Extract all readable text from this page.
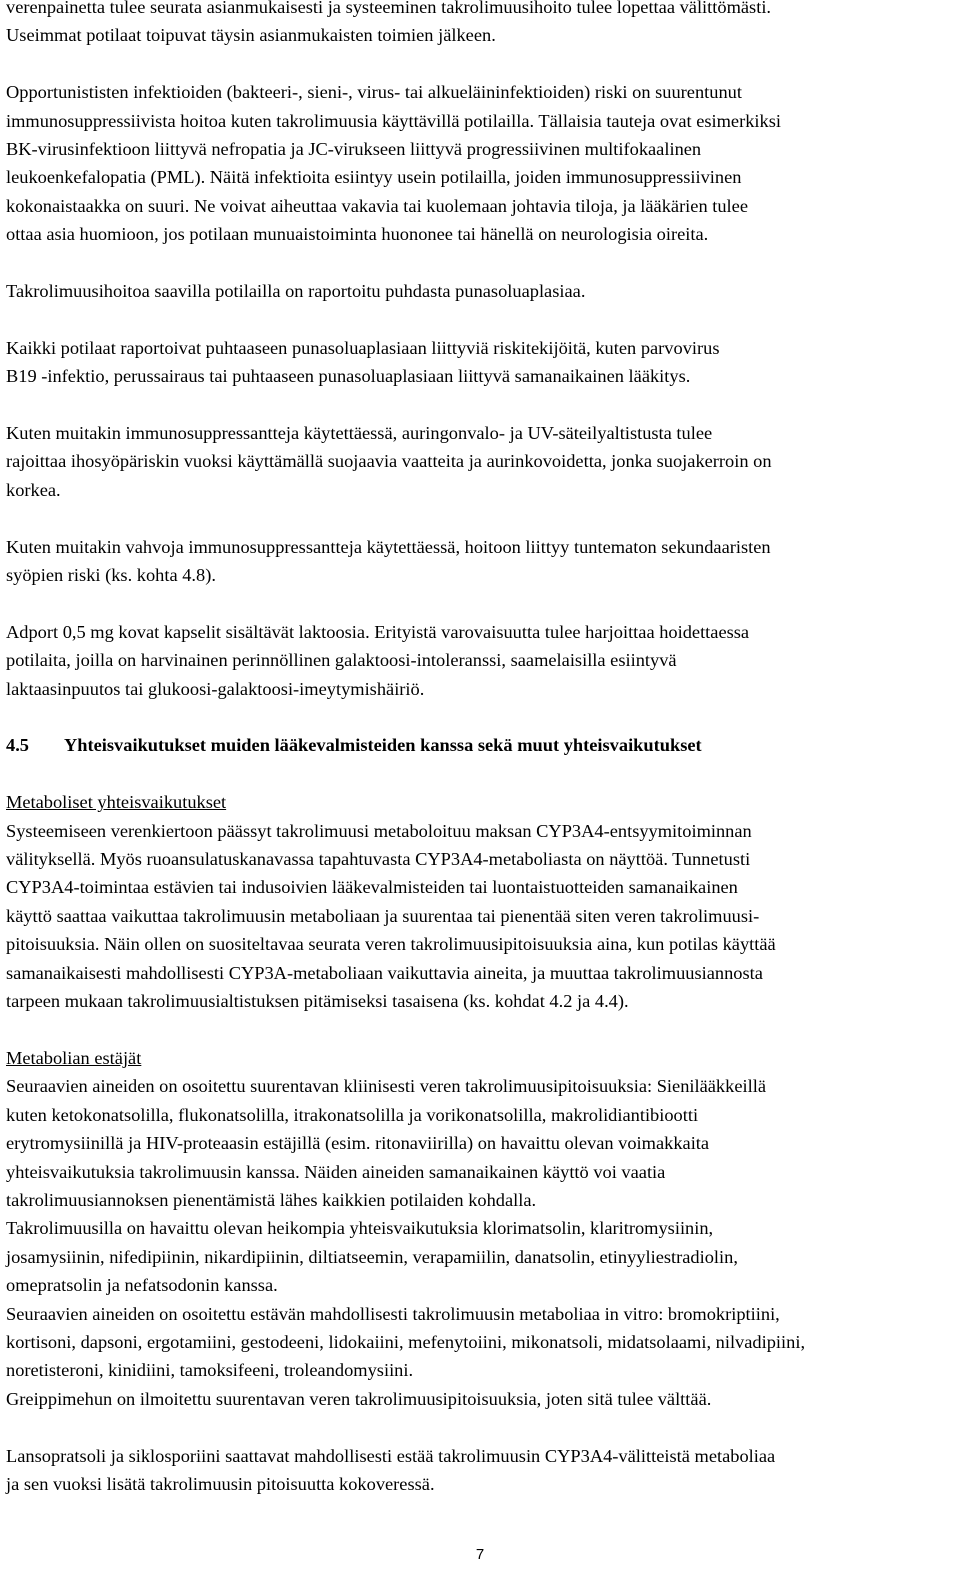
verenpainetta tulee seurata asianmukaisesti ja systeeminen takrolimuusihoito tulee lopettaa välittömästi.
Useimmat potilaat toipuvat täysin asianmukaisten toimien jälkeen.

Opportunististen infektioiden (bakteeri-, sieni-, virus- tai alkueläininfektioiden) riski on suurentunut
immunosuppressiivista hoitoa kuten takrolimuusia käyttävillä potilailla. Tällaisia tauteja ovat esimerkiksi
BK-virusinfektioon liittyvä nefropatia ja JC-virukseen liittyvä progressiivinen multifokaalinen
leukoenkefalopatia (PML). Näitä infektioita esiintyy usein potilailla, joiden immunosuppressiivinen
kokonaistaakka on suuri. Ne voivat aiheuttaa vakavia tai kuolemaan johtavia tiloja, ja lääkärien tulee
ottaa asia huomioon, jos potilaan munuaistoiminta huononee tai hänellä on neurologisia oireita.

Takrolimuusihoitoa saavilla potilailla on raportoitu puhdasta punasoluaplasiaa.

Kaikki potilaat raportoivat puhtaaseen punasoluaplasiaan liittyviä riskitekijöitä, kuten parvovirus
B19 -infektio, perussairaus tai puhtaaseen punasoluaplasiaan liittyvä samanaikainen lääkitys.

Kuten muitakin immunosuppressantteja käytettäessä, auringonvalo- ja UV-säteilyaltistusta tulee
rajoittaa ihosyöpäriskin vuoksi käyttämällä suojaavia vaatteita ja aurinkovoidetta, jonka suojakerroin on
korkea.

Kuten muitakin vahvoja immunosuppressantteja käytettäessä, hoitoon liittyy tuntematon sekundaaristen
syöpien riski (ks. kohta 4.8).

Adport 0,5 mg kovat kapselit sisältävät laktoosia. Erityistä varovaisuutta tulee harjoittaa hoidettaessa
potilaita, joilla on harvinainen perinnöllinen galaktoosi-intoleranssi, saamelaisilla esiintyvä
laktaasinpuutos tai glukoosi-galaktoosi-imeytymishäiriö.

4.5 Yhteisvaikutukset muiden lääkevalmisteiden kanssa sekä muut yhteisvaikutukset

Metaboliset yhteisvaikutukset

Systeemiseen verenkiertoon päässyt takrolimuusi metaboloituu maksan CYP3A4-entsyymitoiminnan
välityksellä. Myös ruoansulatuskanavassa tapahtuvasta CYP3A4-metaboliasta on näyttöä. Tunnetusti
CYP3A4-toimintaa estävien tai indusoivien lääkevalmisteiden tai luontaistuotteiden samanaikainen
käyttö saattaa vaikuttaa takrolimuusin metaboliaan ja suurentaa tai pienentää siten veren takrolimuusi-
pitoisuuksia. Näin ollen on suositeltavaa seurata veren takrolimuusipitoisuuksia aina, kun potilas käyttää
samanaikaisesti mahdollisesti CYP3A-metaboliaan vaikuttavia aineita, ja muuttaa takrolimuusiannosta
tarpeen mukaan takrolimuusialtistuksen pitämiseksi tasaisena (ks. kohdat 4.2 ja 4.4).

Metabolian estäjät

Seuraavien aineiden on osoitettu suurentavan kliinisesti veren takrolimuusipitoisuuksia: Sienilääkkeillä
kuten ketokonatsolilla, flukonatsolilla, itrakonatsolilla ja vorikonatsolilla, makrolidiantibiootti
erytromysiinillä ja HIV-proteaasin estäjillä (esim. ritonaviirilla) on havaittu olevan voimakkaita
yhteisvaikutuksia takrolimuusin kanssa. Näiden aineiden samanaikainen käyttö voi vaatia
takrolimuusiannoksen pienentämistä lähes kaikkien potilaiden kohdalla.

Takrolimuusilla on havaittu olevan heikompia yhteisvaikutuksia klorimatsolin, klaritromysiinin,
josamysiinin, nifedipiinin, nikardipiinin, diltiatseemin, verapamiilin, danatsolin, etinyyliestradiolin,
omepratsolin ja nefatsodonin kanssa.

Seuraavien aineiden on osoitettu estävän mahdollisesti takrolimuusin metaboliaa in vitro: bromokriptiini,
kortisoni, dapsoni, ergotamiini, gestodeeni, lidokaiini, mefenytoiini, mikonatsoli, midatsolaami, nilvadipiini,
noretisteroni, kinidiini, tamoksifeeni, troleandomysiini.

Greippimehun on ilmoitettu suurentavan veren takrolimuusipitoisuuksia, joten sitä tulee välttää.

Lansopratsoli ja siklosporiini saattavat mahdollisesti estää takrolimuusin CYP3A4-välitteistä metaboliaa
ja sen vuoksi lisätä takrolimuusin pitoisuutta kokoveressä.

7
